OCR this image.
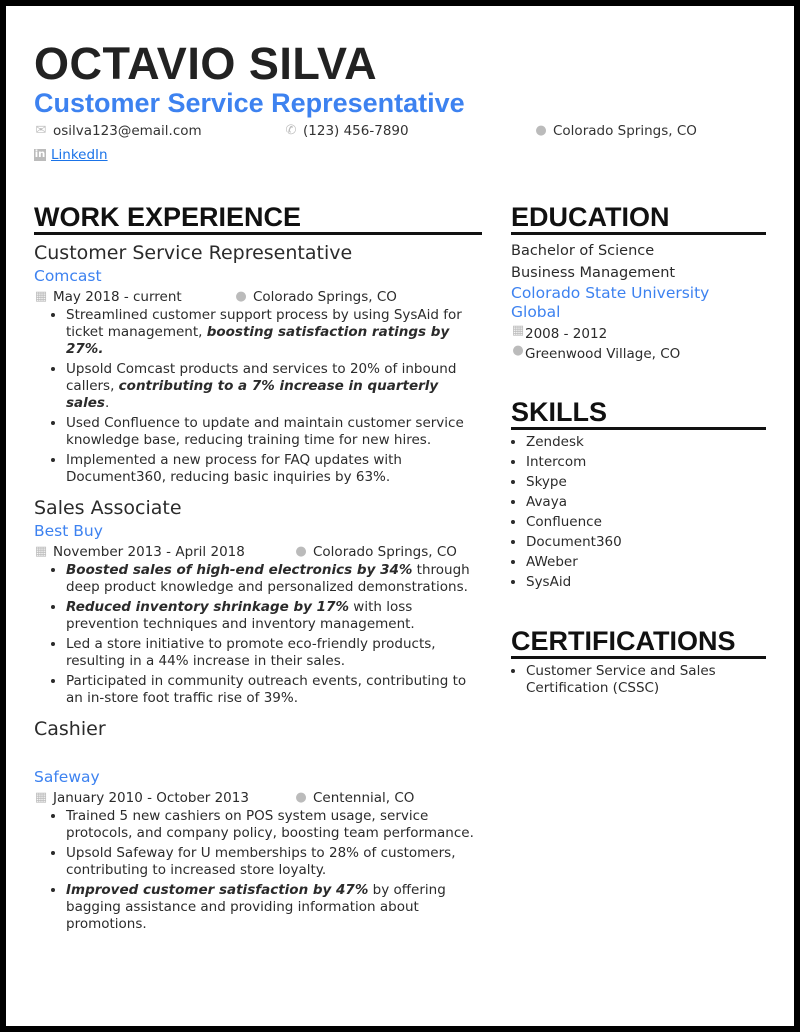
OCTAVIO SILVA
Customer Service Representative
✉ osilva123@email.com	✆ (123) 456-7890	● Colorado Springs, CO
in LinkedIn
WORK EXPERIENCE
Customer Service Representative
Comcast
▦ May 2018 - current	● Colorado Springs, CO
• Streamlined customer support process by using SysAid for ticket management, boosting satisfaction ratings by 27%.
• Upsold Comcast products and services to 20% of inbound callers, contributing to a 7% increase in quarterly sales.
• Used Confluence to update and maintain customer service knowledge base, reducing training time for new hires.
• Implemented a new process for FAQ updates with Document360, reducing basic inquiries by 63%.
Sales Associate
Best Buy
▦ November 2013 - April 2018	● Colorado Springs, CO
• Boosted sales of high-end electronics by 34% through deep product knowledge and personalized demonstrations.
• Reduced inventory shrinkage by 17% with loss prevention techniques and inventory management.
• Led a store initiative to promote eco-friendly products, resulting in a 44% increase in their sales.
• Participated in community outreach events, contributing to an in-store foot traffic rise of 39%.
Cashier
Safeway
▦ January 2010 - October 2013	● Centennial, CO
• Trained 5 new cashiers on POS system usage, service protocols, and company policy, boosting team performance.
• Upsold Safeway for U memberships to 28% of customers, contributing to increased store loyalty.
• Improved customer satisfaction by 47% by offering bagging assistance and providing information about promotions.
EDUCATION
Bachelor of Science
Business Management
Colorado State University
Global
▦ 2008 - 2012
● Greenwood Village, CO
SKILLS
• Zendesk
• Intercom
• Skype
• Avaya
• Confluence
• Document360
• AWeber
• SysAid
CERTIFICATIONS
• Customer Service and Sales Certification (CSSC)
